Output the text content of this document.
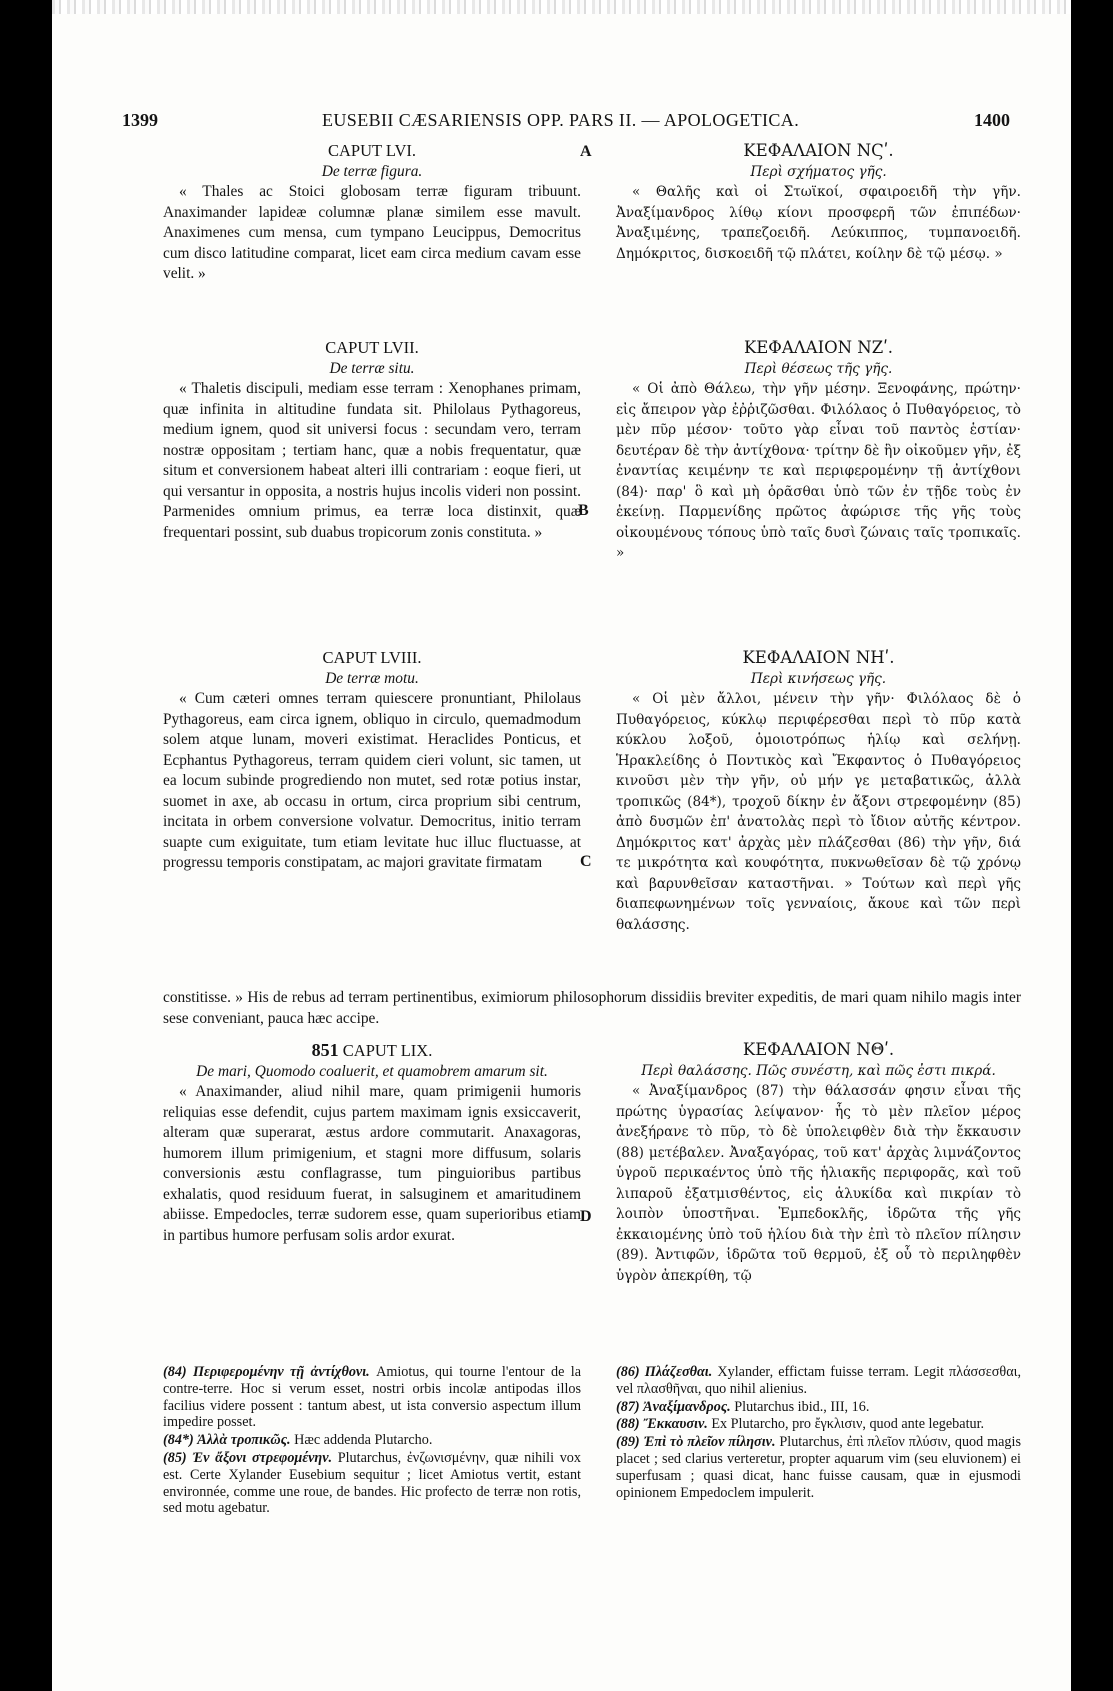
1399	EUSEBII CÆSARIENSIS OPP. PARS II. — APOLOGETICA.	1400
A
B
C
D
CAPUT LVI.
De terræ figura.

« Thales ac Stoici globosam terræ figuram tribuunt. Anaximander lapideæ columnæ planæ similem esse mavult. Anaximenes cum mensa, cum tympano Leucippus, Democritus cum disco latitudine comparat, licet eam circa medium cavam esse velit. »

CAPUT LVII.
De terræ situ.

« Thaletis discipuli, mediam esse terram : Xenophanes primam, quæ infinita in altitudine fundata sit. Philolaus Pythagoreus, medium ignem, quod sit universi focus : secundam vero, terram nostræ oppositam ; tertiam hanc, quæ a nobis frequentatur, quæ situm et conversionem habeat alteri illi contrariam : eoque fieri, ut qui versantur in opposita, a nostris hujus incolis videri non possint. Parmenides omnium primus, ea terræ loca distinxit, quæ frequentari possint, sub duabus tropicorum zonis constituta. »

CAPUT LVIII.
De terræ motu.

« Cum cæteri omnes terram quiescere pronuntiant, Philolaus Pythagoreus, eam circa ignem, obliquo in circulo, quemadmodum solem atque lunam, moveri existimat. Heraclides Ponticus, et Ecphantus Pythagoreus, terram quidem cieri volunt, sic tamen, ut ea locum subinde progrediendo non mutet, sed rotæ potius instar, suomet in axe, ab occasu in ortum, circa proprium sibi centrum, incitata in orbem conversione volvatur. Democritus, initio terram suapte cum exiguitate, tum etiam levitate huc illuc fluctuasse, at progressu temporis constipatam, ac majori gravitate firmatam

constitisse. » His de rebus ad terram pertinentibus, eximiorum philosophorum dissidiis breviter expeditis, de mari quam nihilo magis inter sese conveniant, pauca hæc accipe.
851 CAPUT LIX.
De mari, Quomodo coaluerit, et quamobrem amarum sit.

« Anaximander, aliud nihil mare, quam primigenii humoris reliquias esse defendit, cujus partem maximam ignis exsiccaverit, alteram quæ superarat, æstus ardore commutarit. Anaxagoras, humorem illum primigenium, et stagni more diffusum, solaris conversionis æstu conflagrasse, tum pinguioribus partibus exhalatis, quod residuum fuerat, in salsuginem et amaritudinem abiisse. Empedocles, terræ sudorem esse, quam superioribus etiam in partibus humore perfusam solis ardor exurat.

ΚΕΦΑΛΑΙΟΝ ΝϚʹ.
Περὶ σχήματος γῆς.

« Θαλῆς καὶ οἱ Στωϊκοί, σφαιροειδῆ τὴν γῆν. Ἀναξίμανδρος λίθῳ κίονι προσφερῆ τῶν ἐπιπέδων· Ἀναξιμένης, τραπεζοειδῆ. Λεύκιππος, τυμπανοειδῆ. Δημόκριτος, δισκοειδῆ τῷ πλάτει, κοίλην δὲ τῷ μέσῳ. »

ΚΕΦΑΛΑΙΟΝ ΝΖʹ.
Περὶ θέσεως τῆς γῆς.

« Οἱ ἀπὸ Θάλεω, τὴν γῆν μέσην. Ξενοφάνης, πρώτην· εἰς ἄπειρον γὰρ ἐῤῥιζῶσθαι. Φιλόλαος ὁ Πυθαγόρειος, τὸ μὲν πῦρ μέσον· τοῦτο γὰρ εἶναι τοῦ παντὸς ἑστίαν· δευτέραν δὲ τὴν ἀντίχθονα· τρίτην δὲ ἣν οἰκοῦμεν γῆν, ἐξ ἐναντίας κειμένην τε καὶ περιφερομένην τῇ ἀντίχθονι (84)· παρ' ὃ καὶ μὴ ὁρᾶσθαι ὑπὸ τῶν ἐν τῇδε τοὺς ἐν ἐκείνῃ. Παρμενίδης πρῶτος ἀφώρισε τῆς γῆς τοὺς οἰκουμένους τόπους ὑπὸ ταῖς δυσὶ ζώναις ταῖς τροπικαῖς. »

ΚΕΦΑΛΑΙΟΝ ΝΗʹ.
Περὶ κινήσεως γῆς.

« Οἱ μὲν ἄλλοι, μένειν τὴν γῆν· Φιλόλαος δὲ ὁ Πυθαγόρειος, κύκλῳ περιφέρεσθαι περὶ τὸ πῦρ κατὰ κύκλου λοξοῦ, ὁμοιοτρόπως ἡλίῳ καὶ σελήνῃ. Ἡρακλείδης ὁ Ποντικὸς καὶ Ἔκφαντος ὁ Πυθαγόρειος κινοῦσι μὲν τὴν γῆν, οὐ μήν γε μεταβατικῶς, ἀλλὰ τροπικῶς (84*), τροχοῦ δίκην ἐν ἄξονι στρεφομένην (85) ἀπὸ δυσμῶν ἐπ' ἀνατολὰς περὶ τὸ ἴδιον αὐτῆς κέντρον. Δημόκριτος κατ' ἀρχὰς μὲν πλάζεσθαι (86) τὴν γῆν, διά τε μικρότητα καὶ κουφότητα, πυκνωθεῖσαν δὲ τῷ χρόνῳ καὶ βαρυνθεῖσαν καταστῆναι. » Τούτων καὶ περὶ γῆς διαπεφωνημένων τοῖς γενναίοις, ἄκουε καὶ τῶν περὶ θαλάσσης.

ΚΕΦΑΛΑΙΟΝ ΝΘʹ.
Περὶ θαλάσσης. Πῶς συνέστη, καὶ πῶς ἐστι πικρά.

« Ἀναξίμανδρος (87) τὴν θάλασσάν φησιν εἶναι τῆς πρώτης ὑγρασίας λείψανον· ἧς τὸ μὲν πλεῖον μέρος ἀνεξήρανε τὸ πῦρ, τὸ δὲ ὑπολειφθὲν διὰ τὴν ἔκκαυσιν (88) μετέβαλεν. Ἀναξαγόρας, τοῦ κατ' ἀρχὰς λιμνάζοντος ὑγροῦ περικαέντος ὑπὸ τῆς ἡλιακῆς περιφορᾶς, καὶ τοῦ λιπαροῦ ἐξατμισθέντος, εἰς ἁλυκίδα καὶ πικρίαν τὸ λοιπὸν ὑποστῆναι. Ἐμπεδοκλῆς, ἱδρῶτα τῆς γῆς ἐκκαιομένης ὑπὸ τοῦ ἡλίου διὰ τὴν ἐπὶ τὸ πλεῖον πίλησιν (89). Ἀντιφῶν, ἱδρῶτα τοῦ θερμοῦ, ἐξ οὗ τὸ περιληφθὲν ὑγρὸν ἀπεκρίθη, τῷ

(84) Περιφερομένην τῇ ἀντίχθονι. Amiotus, qui tourne l'entour de la contre-terre. Hoc si verum esset, nostri orbis incolæ antipodas illos facilius videre possent : tantum abest, ut ista conversio aspectum illum impedire posset.

(84*) Ἀλλὰ τροπικῶς. Hæc addenda Plutarcho.

(85) Ἐν ἄξονι στρεφομένην. Plutarchus, ἐνζωνισμένην, quæ nihili vox est. Certe Xylander Eusebium sequitur ; licet Amiotus vertit, estant environnée, comme une roue, de bandes. Hic profecto de terræ non rotis, sed motu agebatur.

(86) Πλάζεσθαι. Xylander, effictam fuisse terram. Legit πλάσσεσθαι, vel πλασθῆναι, quo nihil alienius.

(87) Ἀναξίμανδρος. Plutarchus ibid., III, 16.

(88) Ἔκκαυσιν. Ex Plutarcho, pro ἔγκλισιν, quod ante legebatur.

(89) Ἐπὶ τὸ πλεῖον πίλησιν. Plutarchus, ἐπὶ πλεῖον πλύσιν, quod magis placet ; sed clarius verteretur, propter aquarum vim (seu eluvionem) ei superfusam ; quasi dicat, hanc fuisse causam, quæ in ejusmodi opinionem Empedoclem impulerit.
